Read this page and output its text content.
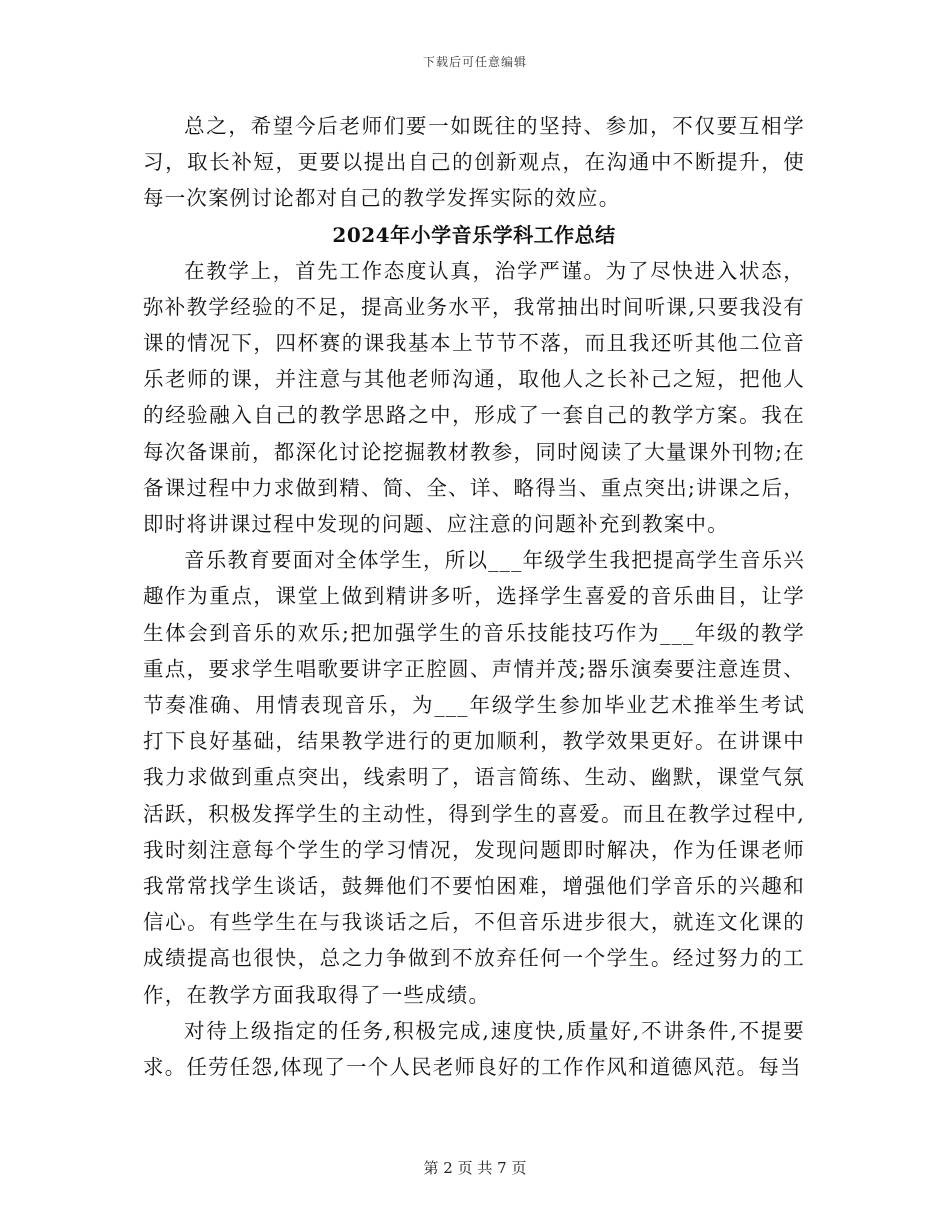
下载后可任意编辑

总之，希望今后老师们要一如既往的坚持、参加，不仅要互相学习，取长补短，更要以提出自己的创新观点，在沟通中不断提升，使每一次案例讨论都对自己的教学发挥实际的效应。

2024年小学音乐学科工作总结

在教学上，首先工作态度认真，治学严谨。为了尽快进入状态，弥补教学经验的不足，提高业务水平，我常抽出时间听课,只要我没有课的情况下，四杯赛的课我基本上节节不落，而且我还听其他二位音乐老师的课，并注意与其他老师沟通，取他人之长补己之短，把他人的经验融入自己的教学思路之中，形成了一套自己的教学方案。我在每次备课前，都深化讨论挖掘教材教参，同时阅读了大量课外刊物;在备课过程中力求做到精、简、全、详、略得当、重点突出;讲课之后，即时将讲课过程中发现的问题、应注意的问题补充到教案中。

音乐教育要面对全体学生，所以___年级学生我把提高学生音乐兴趣作为重点，课堂上做到精讲多听，选择学生喜爱的音乐曲目，让学生体会到音乐的欢乐;把加强学生的音乐技能技巧作为___年级的教学重点，要求学生唱歌要讲字正腔圆、声情并茂;器乐演奏要注意连贯、节奏准确、用情表现音乐，为___年级学生参加毕业艺术推举生考试打下良好基础，结果教学进行的更加顺利，教学效果更好。在讲课中我力求做到重点突出，线索明了，语言简练、生动、幽默，课堂气氛活跃，积极发挥学生的主动性，得到学生的喜爱。而且在教学过程中,我时刻注意每个学生的学习情况，发现问题即时解决，作为任课老师我常常找学生谈话，鼓舞他们不要怕困难，增强他们学音乐的兴趣和信心。有些学生在与我谈话之后，不但音乐进步很大，就连文化课的成绩提高也很快，总之力争做到不放弃任何一个学生。经过努力的工作，在教学方面我取得了一些成绩。

对待上级指定的任务,积极完成,速度快,质量好,不讲条件,不提要求。任劳任怨,体现了一个人民老师良好的工作作风和道德风范。每当

第 2 页 共 7 页
